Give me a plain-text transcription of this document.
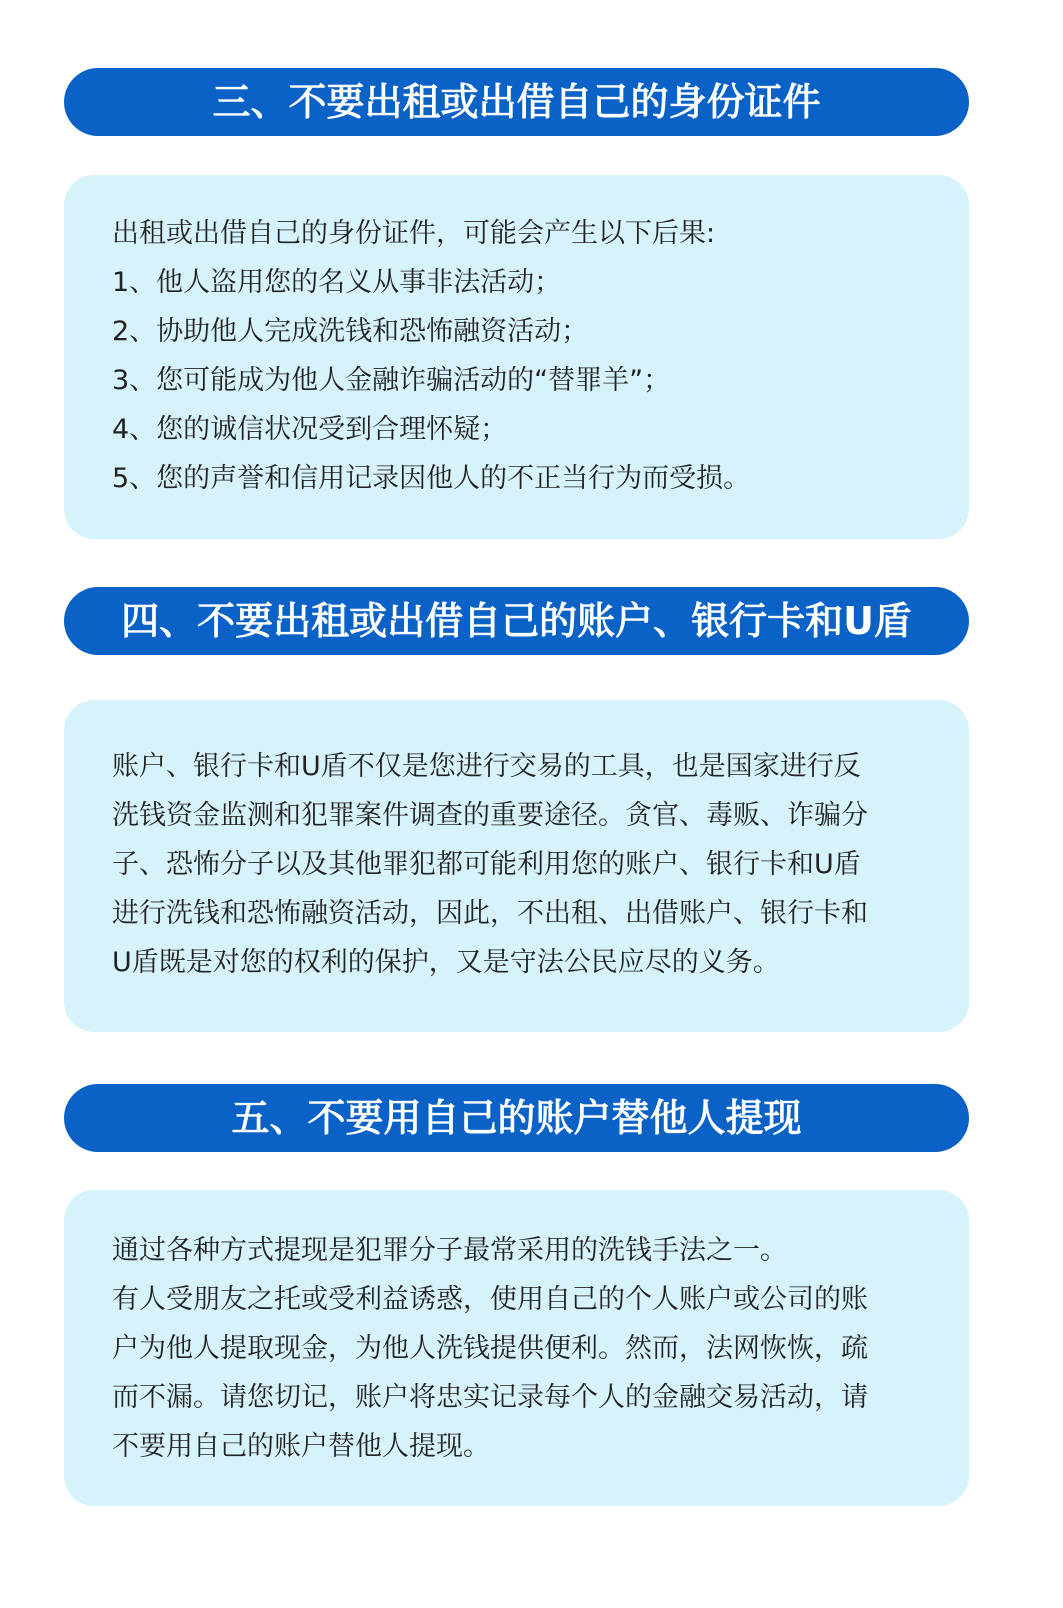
三、不要出租或出借自己的身份证件
出租或出借自己的身份证件，可能会产生以下后果:
1、他人盗用您的名义从事非法活动；
2、协助他人完成洗钱和恐怖融资活动；
3、您可能成为他人金融诈骗活动的“替罪羊”；
4、您的诚信状况受到合理怀疑；
5、您的声誉和信用记录因他人的不正当行为而受损。
四、不要出租或出借自己的账户、银行卡和U盾
账户、银行卡和U盾不仅是您进行交易的工具，也是国家进行反
洗钱资金监测和犯罪案件调查的重要途径。贪官、毒贩、诈骗分
子、恐怖分子以及其他罪犯都可能利用您的账户、银行卡和U盾
进行洗钱和恐怖融资活动，因此，不出租、出借账户、银行卡和
U盾既是对您的权利的保护，又是守法公民应尽的义务。
五、不要用自己的账户替他人提现
通过各种方式提现是犯罪分子最常采用的洗钱手法之一。
有人受朋友之托或受利益诱惑，使用自己的个人账户或公司的账
户为他人提取现金，为他人洗钱提供便利。然而，法网恢恢，疏
而不漏。请您切记，账户将忠实记录每个人的金融交易活动，请
不要用自己的账户替他人提现。
